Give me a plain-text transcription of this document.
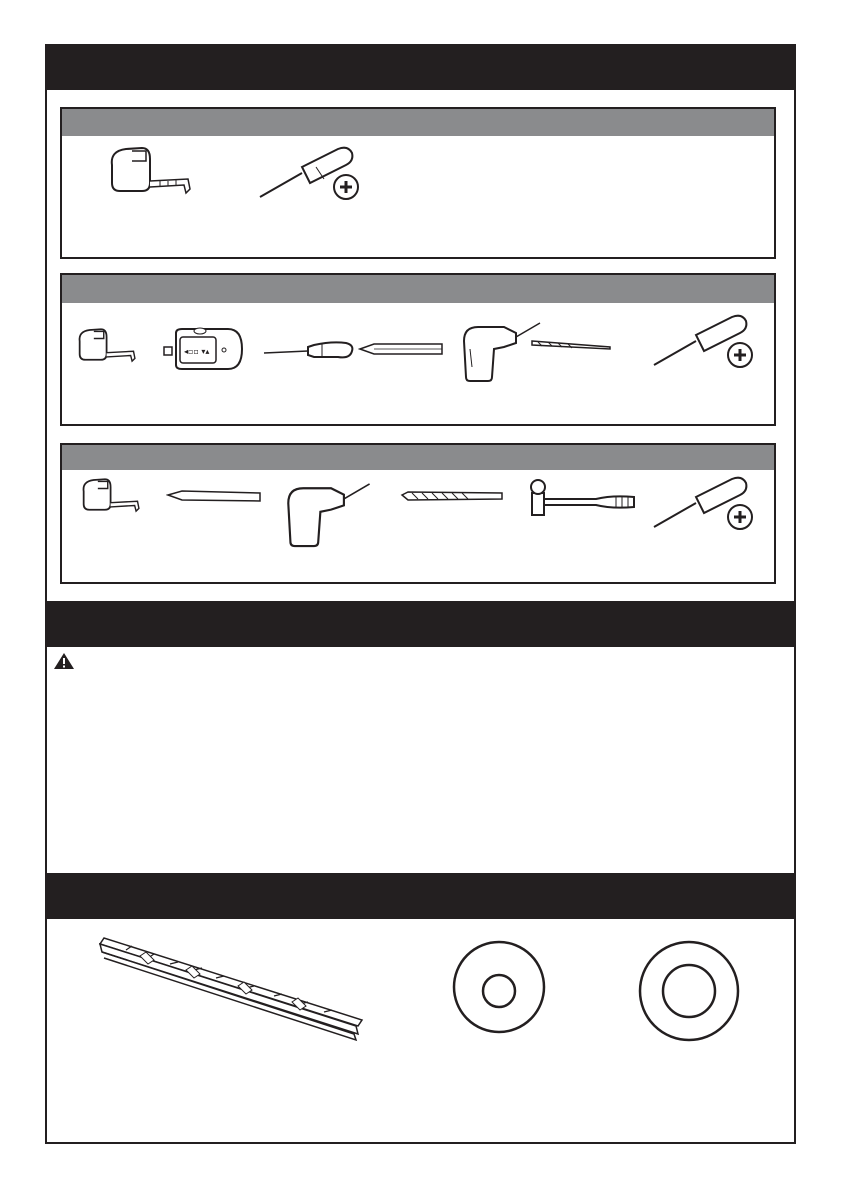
◂▫▫ ▾▴
